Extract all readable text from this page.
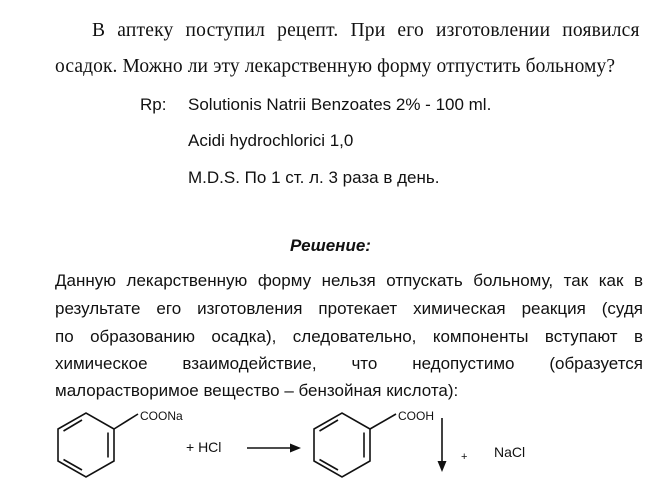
В аптеку поступил рецепт. При его изготовлении появился
осадок. Можно ли эту лекарственную форму отпустить больному?
Rp: Solutionis Natrii Benzoates 2% - 100 ml.
Acidi hydrochlorici 1,0
M.D.S. По 1 ст. л. 3 раза в день.
Решение:
Данную лекарственную форму нельзя отпускать больному, так как в
результате его изготовления протекает химическая реакция (судя
по образованию осадка), следовательно, компоненты вступают в
химическое взаимодействие, что недопустимо (образуется
малорастворимое вещество – бензойная кислота):
COONa
+ HCl
COOH
+ NaCl
